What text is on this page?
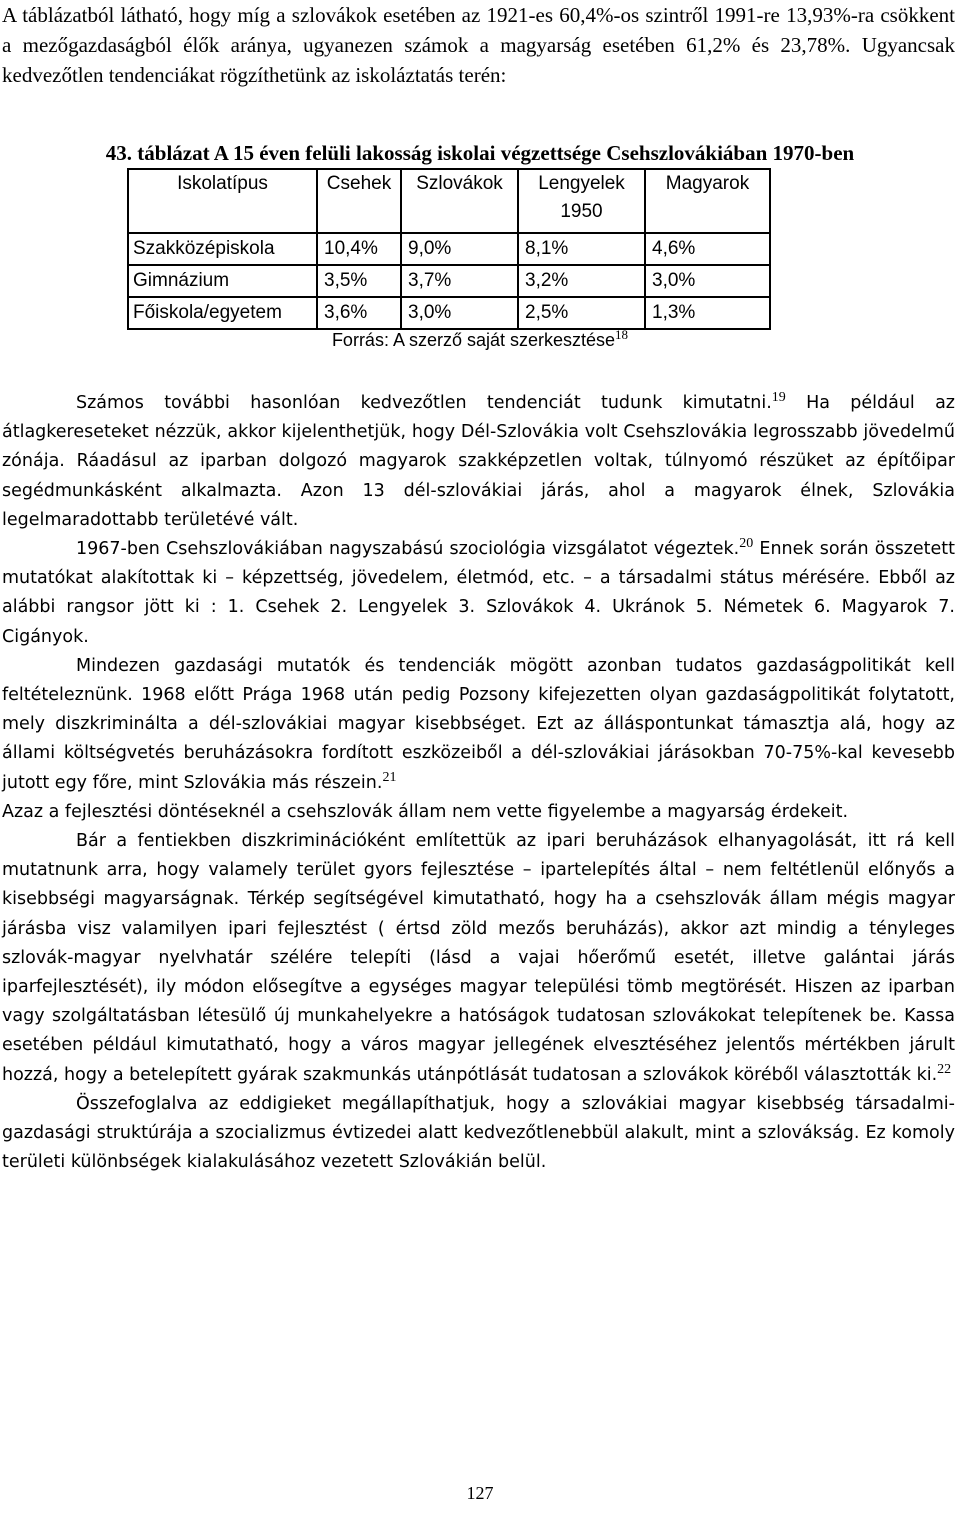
A táblázatból látható, hogy míg a szlovákok esetében az 1921-es 60,4%-os szintről 1991-re 13,93%-ra csökkent a mezőgazdaságból élők aránya, ugyanezen számok a magyarság esetében 61,2% és 23,78%. Ugyancsak kedvezőtlen tendenciákat rögzíthetünk az iskoláztatás terén:

43. táblázat A 15 éven felüli lakosság iskolai végzettsége Csehszlovákiában 1970-ben
Iskolatípus	Csehek	Szlovákok	Lengyelek 1950	Magyarok
Szakközépiskola	10,4%	9,0%	8,1%	4,6%
Gimnázium	3,5%	3,7%	3,2%	3,0%
Főiskola/egyetem	3,6%	3,0%	2,5%	1,3%
Forrás: A szerző saját szerkesztése$^{18}$

Számos további hasonlóan kedvezőtlen tendenciát tudunk kimutatni.$^{19}$ Ha például az átlagkereseteket nézzük, akkor kijelenthetjük, hogy Dél-Szlovákia volt Csehszlovákia legrosszabb jövedelmű zónája. Ráadásul az iparban dolgozó magyarok szakképzetlen voltak, túlnyomó részüket az építőipar segédmunkásként alkalmazta. Azon 13 dél-szlovákiai járás, ahol a magyarok élnek, Szlovákia legelmaradottabb területévé vált.

1967-ben Csehszlovákiában nagyszabású szociológia vizsgálatot végeztek.$^{20}$ Ennek során összetett mutatókat alakítottak ki – képzettség, jövedelem, életmód, etc. – a társadalmi státus mérésére. Ebből az alábbi rangsor jött ki : 1. Csehek 2. Lengyelek 3. Szlovákok 4. Ukránok 5. Németek 6. Magyarok 7. Cigányok.

Mindezen gazdasági mutatók és tendenciák mögött azonban tudatos gazdaságpolitikát kell feltételeznünk. 1968 előtt Prága 1968 után pedig Pozsony kifejezetten olyan gazdaságpolitikát folytatott, mely diszkriminálta a dél-szlovákiai magyar kisebbséget. Ezt az álláspontunkat támasztja alá, hogy az állami költségvetés beruházásokra fordított eszközeiből a dél-szlovákiai járásokban 70-75%-kal kevesebb jutott egy főre, mint Szlovákia más részein.$^{21}$

Azaz a fejlesztési döntéseknél a csehszlovák állam nem vette figyelembe a magyarság érdekeit.

Bár a fentiekben diszkriminációként említettük az ipari beruházások elhanyagolását, itt rá kell mutatnunk arra, hogy valamely terület gyors fejlesztése – ipartelepítés által – nem feltétlenül előnyős a kisebbségi magyarságnak. Térkép segítségével kimutatható, hogy ha a csehszlovák állam mégis magyar járásba visz valamilyen ipari fejlesztést ( értsd zöld mezős beruházás), akkor azt mindig a tényleges szlovák-magyar nyelvhatár szélére telepíti (lásd a vajai hőerőmű esetét, illetve galántai járás iparfejlesztését), ily módon elősegítve a egységes magyar települési tömb megtörését. Hiszen az iparban vagy szolgáltatásban létesülő új munkahelyekre a hatóságok tudatosan szlovákokat telepítenek be. Kassa esetében például kimutatható, hogy a város magyar jellegének elvesztéséhez jelentős mértékben járult hozzá, hogy a betelepített gyárak szakmunkás utánpótlását tudatosan a szlovákok köréből választották ki.$^{22}$

Összefoglalva az eddigieket megállapíthatjuk, hogy a szlovákiai magyar kisebbség társadalmi-gazdasági struktúrája a szocializmus évtizedei alatt kedvezőtlenebbül alakult, mint a szlovákság. Ez komoly területi különbségek kialakulásához vezetett Szlovákián belül.

127
